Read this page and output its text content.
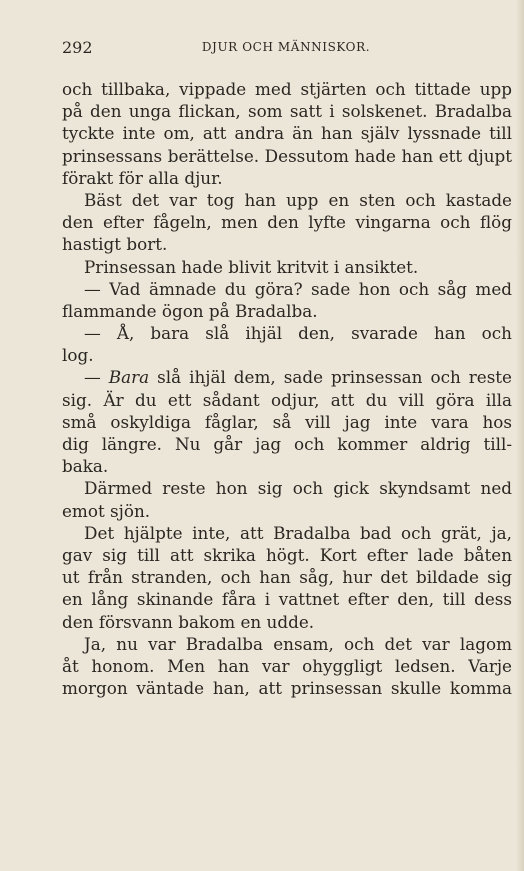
292	DJUR OCH MÄNNISKOR.
och tillbaka, vippade med stjärten och tittade upp
på den unga flickan, som satt i solskenet. Bradalba
tyckte inte om, att andra än han själv lyssnade till
prinsessans berättelse. Dessutom hade han ett djupt
förakt för alla djur.
Bäst det var tog han upp en sten och kastade
den efter fågeln, men den lyfte vingarna och flög
hastigt bort.
Prinsessan hade blivit kritvit i ansiktet.
— Vad ämnade du göra? sade hon och såg med
flammande ögon på Bradalba.
— Å, bara slå ihjäl den, svarade han och
log.
— Bara slå ihjäl dem, sade prinsessan och reste
sig. Är du ett sådant odjur, att du vill göra illa
små oskyldiga fåglar, så vill jag inte vara hos
dig längre. Nu går jag och kommer aldrig till-
baka.
Därmed reste hon sig och gick skyndsamt ned
emot sjön.
Det hjälpte inte, att Bradalba bad och grät, ja,
gav sig till att skrika högt. Kort efter lade båten
ut från stranden, och han såg, hur det bildade sig
en lång skinande fåra i vattnet efter den, till dess
den försvann bakom en udde.
Ja, nu var Bradalba ensam, och det var lagom
åt honom. Men han var ohyggligt ledsen. Varje
morgon väntade han, att prinsessan skulle komma
